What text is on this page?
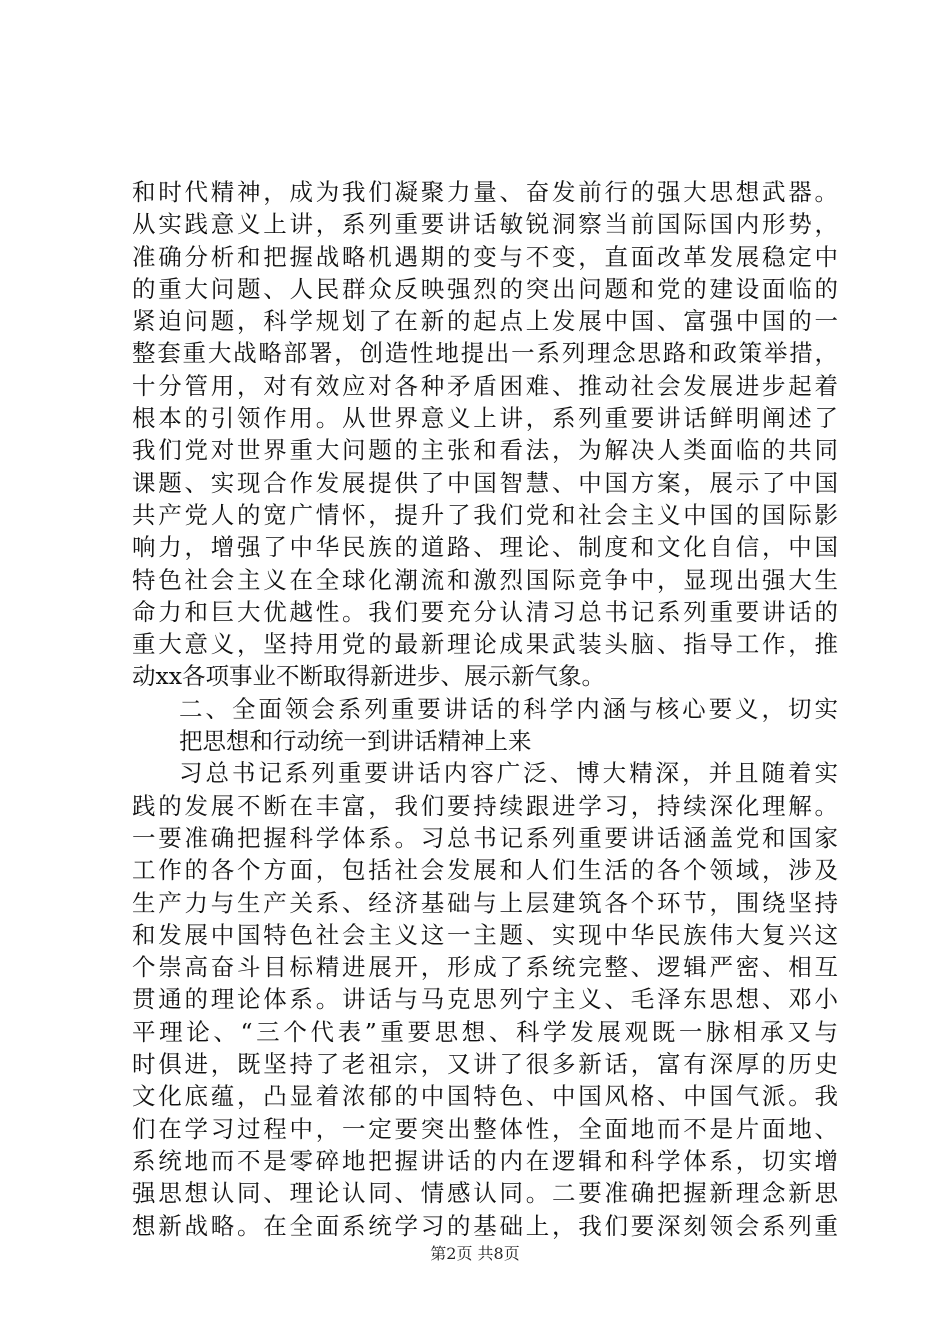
和时代精神，成为我们凝聚力量、奋发前行的强大思想武器。
从实践意义上讲，系列重要讲话敏锐洞察当前国际国内形势，
准确分析和把握战略机遇期的变与不变，直面改革发展稳定中
的重大问题、人民群众反映强烈的突出问题和党的建设面临的
紧迫问题，科学规划了在新的起点上发展中国、富强中国的一
整套重大战略部署，创造性地提出一系列理念思路和政策举措，
十分管用，对有效应对各种矛盾困难、推动社会发展进步起着
根本的引领作用。从世界意义上讲，系列重要讲话鲜明阐述了
我们党对世界重大问题的主张和看法，为解决人类面临的共同
课题、实现合作发展提供了中国智慧、中国方案，展示了中国
共产党人的宽广情怀，提升了我们党和社会主义中国的国际影
响力，增强了中华民族的道路、理论、制度和文化自信，中国
特色社会主义在全球化潮流和激烈国际竞争中，显现出强大生
命力和巨大优越性。我们要充分认清习总书记系列重要讲话的
重大意义，坚持用党的最新理论成果武装头脑、指导工作，推
动xx各项事业不断取得新进步、展示新气象。
二、全面领会系列重要讲话的科学内涵与核心要义，切实
把思想和行动统一到讲话精神上来
习总书记系列重要讲话内容广泛、博大精深，并且随着实
践的发展不断在丰富，我们要持续跟进学习，持续深化理解。
一要准确把握科学体系。习总书记系列重要讲话涵盖党和国家
工作的各个方面，包括社会发展和人们生活的各个领域，涉及
生产力与生产关系、经济基础与上层建筑各个环节，围绕坚持
和发展中国特色社会主义这一主题、实现中华民族伟大复兴这
个崇高奋斗目标精进展开，形成了系统完整、逻辑严密、相互
贯通的理论体系。讲话与马克思列宁主义、毛泽东思想、邓小
平理论、“三个代表”重要思想、科学发展观既一脉相承又与
时俱进，既坚持了老祖宗，又讲了很多新话，富有深厚的历史
文化底蕴，凸显着浓郁的中国特色、中国风格、中国气派。我
们在学习过程中，一定要突出整体性，全面地而不是片面地、
系统地而不是零碎地把握讲话的内在逻辑和科学体系，切实增
强思想认同、理论认同、情感认同。二要准确把握新理念新思
想新战略。在全面系统学习的基础上，我们要深刻领会系列重
第2页 共8页
